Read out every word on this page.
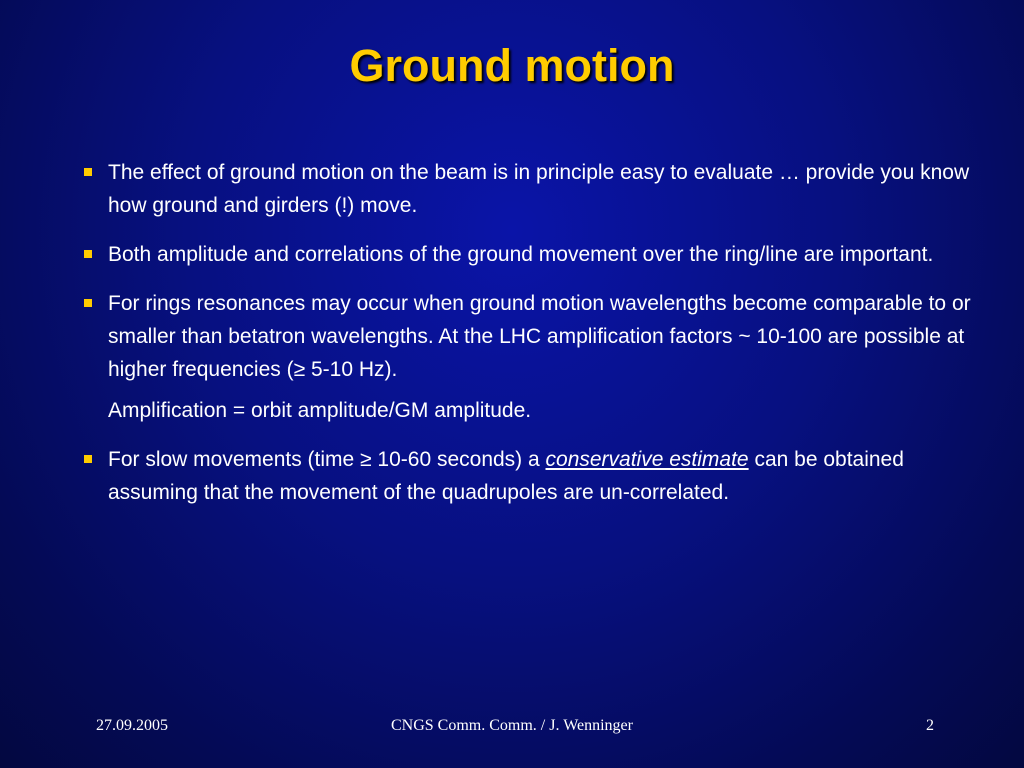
Ground motion
The effect of ground motion on the beam is in principle easy to evaluate … provide you know how ground and girders (!) move.
Both amplitude and correlations of the ground movement over the ring/line are important.
For rings resonances may occur when ground motion wavelengths become comparable to or smaller than betatron wavelengths. At the LHC amplification factors ~ 10-100 are possible at higher frequencies (≥ 5-10 Hz).
Amplification = orbit amplitude/GM amplitude.
For slow movements (time ≥ 10-60 seconds) a conservative estimate can be obtained assuming that the movement of the quadrupoles are un-correlated.
27.09.2005	CNGS Comm. Comm. / J. Wenninger	2
